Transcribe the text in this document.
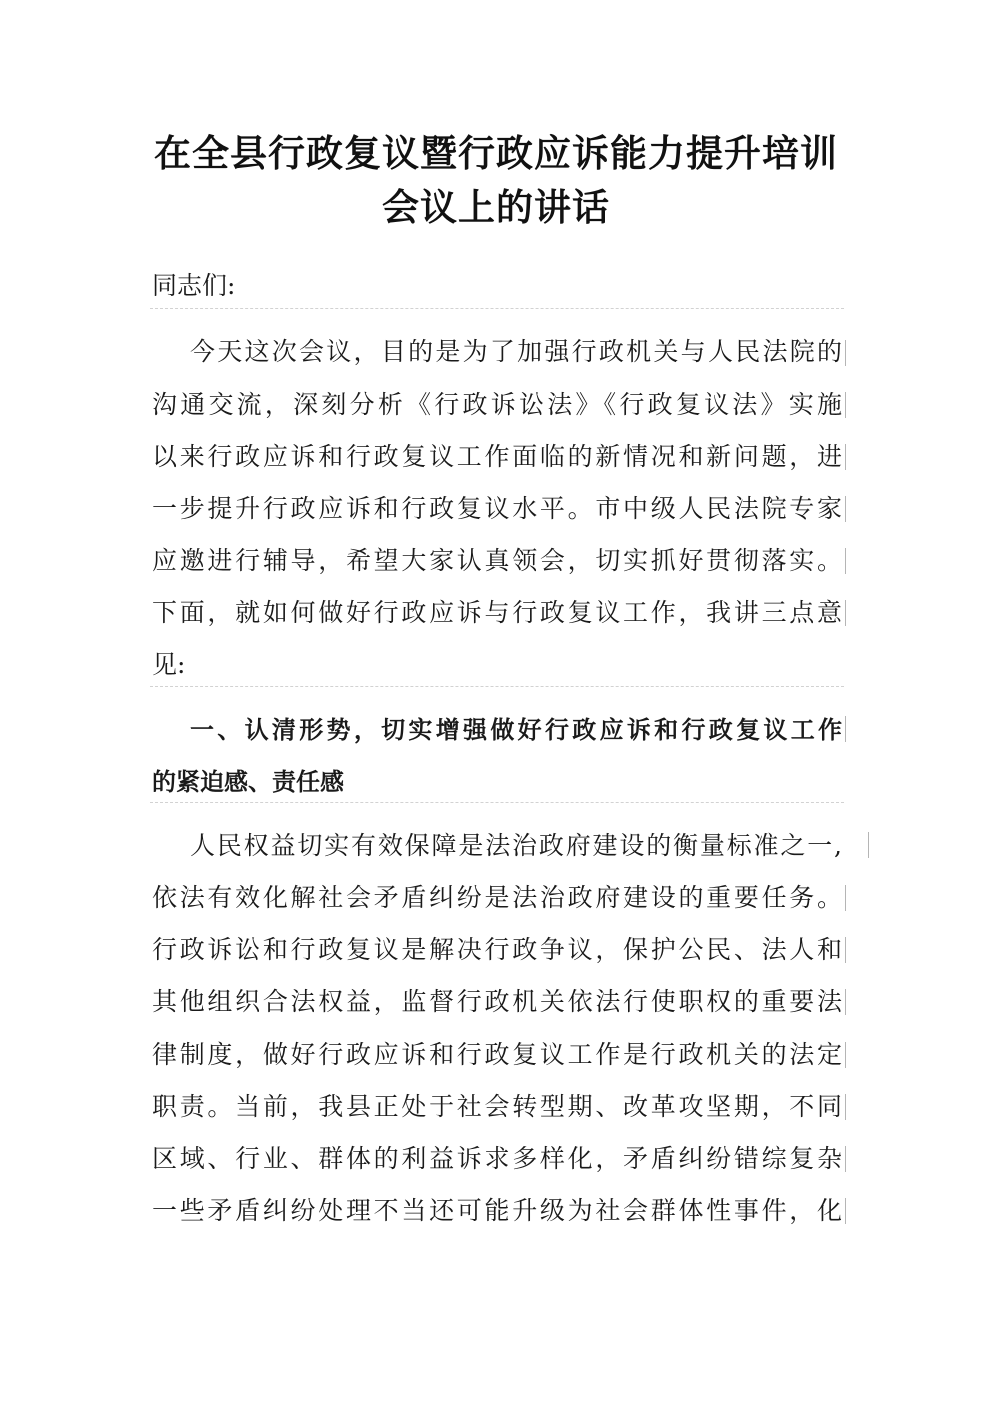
在全县行政复议暨行政应诉能力提升培训
会议上的讲话
同志们:
今天这次会议，目的是为了加强行政机关与人民法院的
沟通交流，深刻分析《行政诉讼法》《行政复议法》实施
以来行政应诉和行政复议工作面临的新情况和新问题，进
一步提升行政应诉和行政复议水平。市中级人民法院专家
应邀进行辅导，希望大家认真领会，切实抓好贯彻落实。
下面，就如何做好行政应诉与行政复议工作，我讲三点意
见:
一、认清形势，切实增强做好行政应诉和行政复议工作
的紧迫感、责任感
人民权益切实有效保障是法治政府建设的衡量标准之一,
依法有效化解社会矛盾纠纷是法治政府建设的重要任务。
行政诉讼和行政复议是解决行政争议，保护公民、法人和
其他组织合法权益，监督行政机关依法行使职权的重要法
律制度，做好行政应诉和行政复议工作是行政机关的法定
职责。当前，我县正处于社会转型期、改革攻坚期，不同
区域、行业、群体的利益诉求多样化，矛盾纠纷错综复杂
一些矛盾纠纷处理不当还可能升级为社会群体性事件，化
